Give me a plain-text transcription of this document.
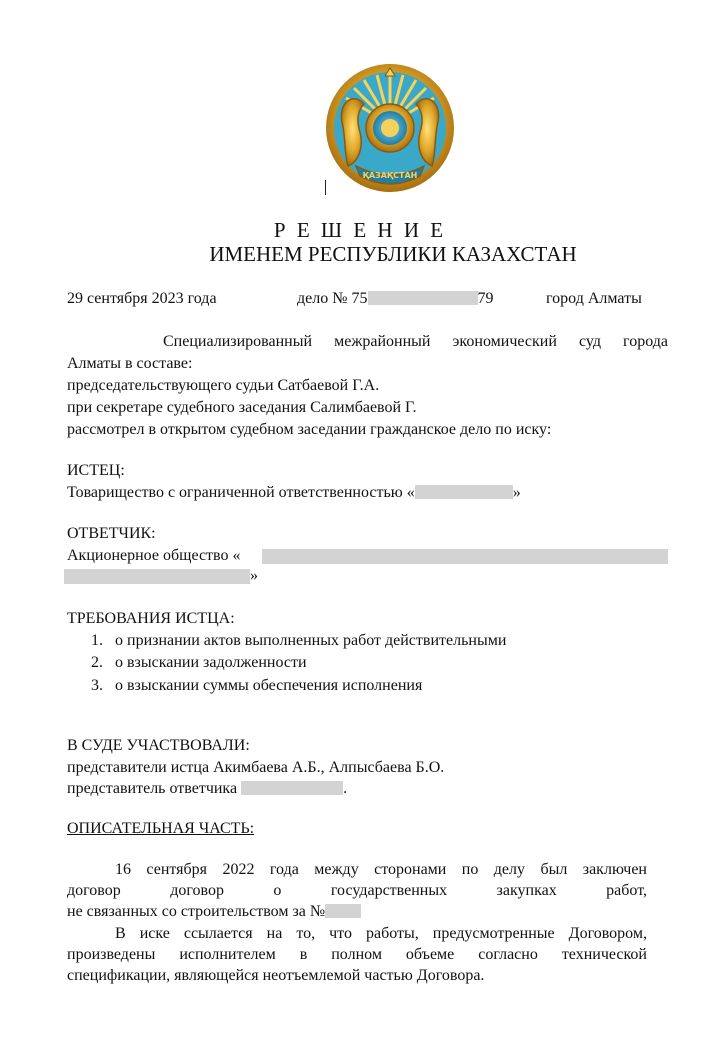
ҚАЗАҚСТАН
Р Е Ш Е Н И Е
ИМЕНЕМ РЕСПУБЛИКИ КАЗАХСТАН
29 сентября 2023 года	дело № 75	79	город Алматы
Специализированный межрайонный экономический суд города
Алматы в составе:
председательствующего судьи Сатбаевой Г.А.
при секретаре судебного заседания Салимбаевой Г.
рассмотрел в открытом судебном заседании гражданское дело по иску:
ИСТЕЦ:
Товарищество с ограниченной ответственностью «	»
ОТВЕТЧИК:
Акционерное общество «
»
ТРЕБОВАНИЯ ИСТЦА:
1. о признании актов выполненных работ действительными
2. о взыскании задолженности
3. о взыскании суммы обеспечения исполнения
В СУДЕ УЧАСТВОВАЛИ:
представители истца Акимбаева А.Б., Алпысбаева Б.О.
представитель ответчика	.
ОПИСАТЕЛЬНАЯ ЧАСТЬ:
16 сентября 2022 года между сторонами по делу был заключен
договор договор о государственных закупках работ,
не связанных со строительством за №
В иске ссылается на то, что работы, предусмотренные Договором,
произведены исполнителем в полном объеме согласно технической
спецификации, являющейся неотъемлемой частью Договора.
